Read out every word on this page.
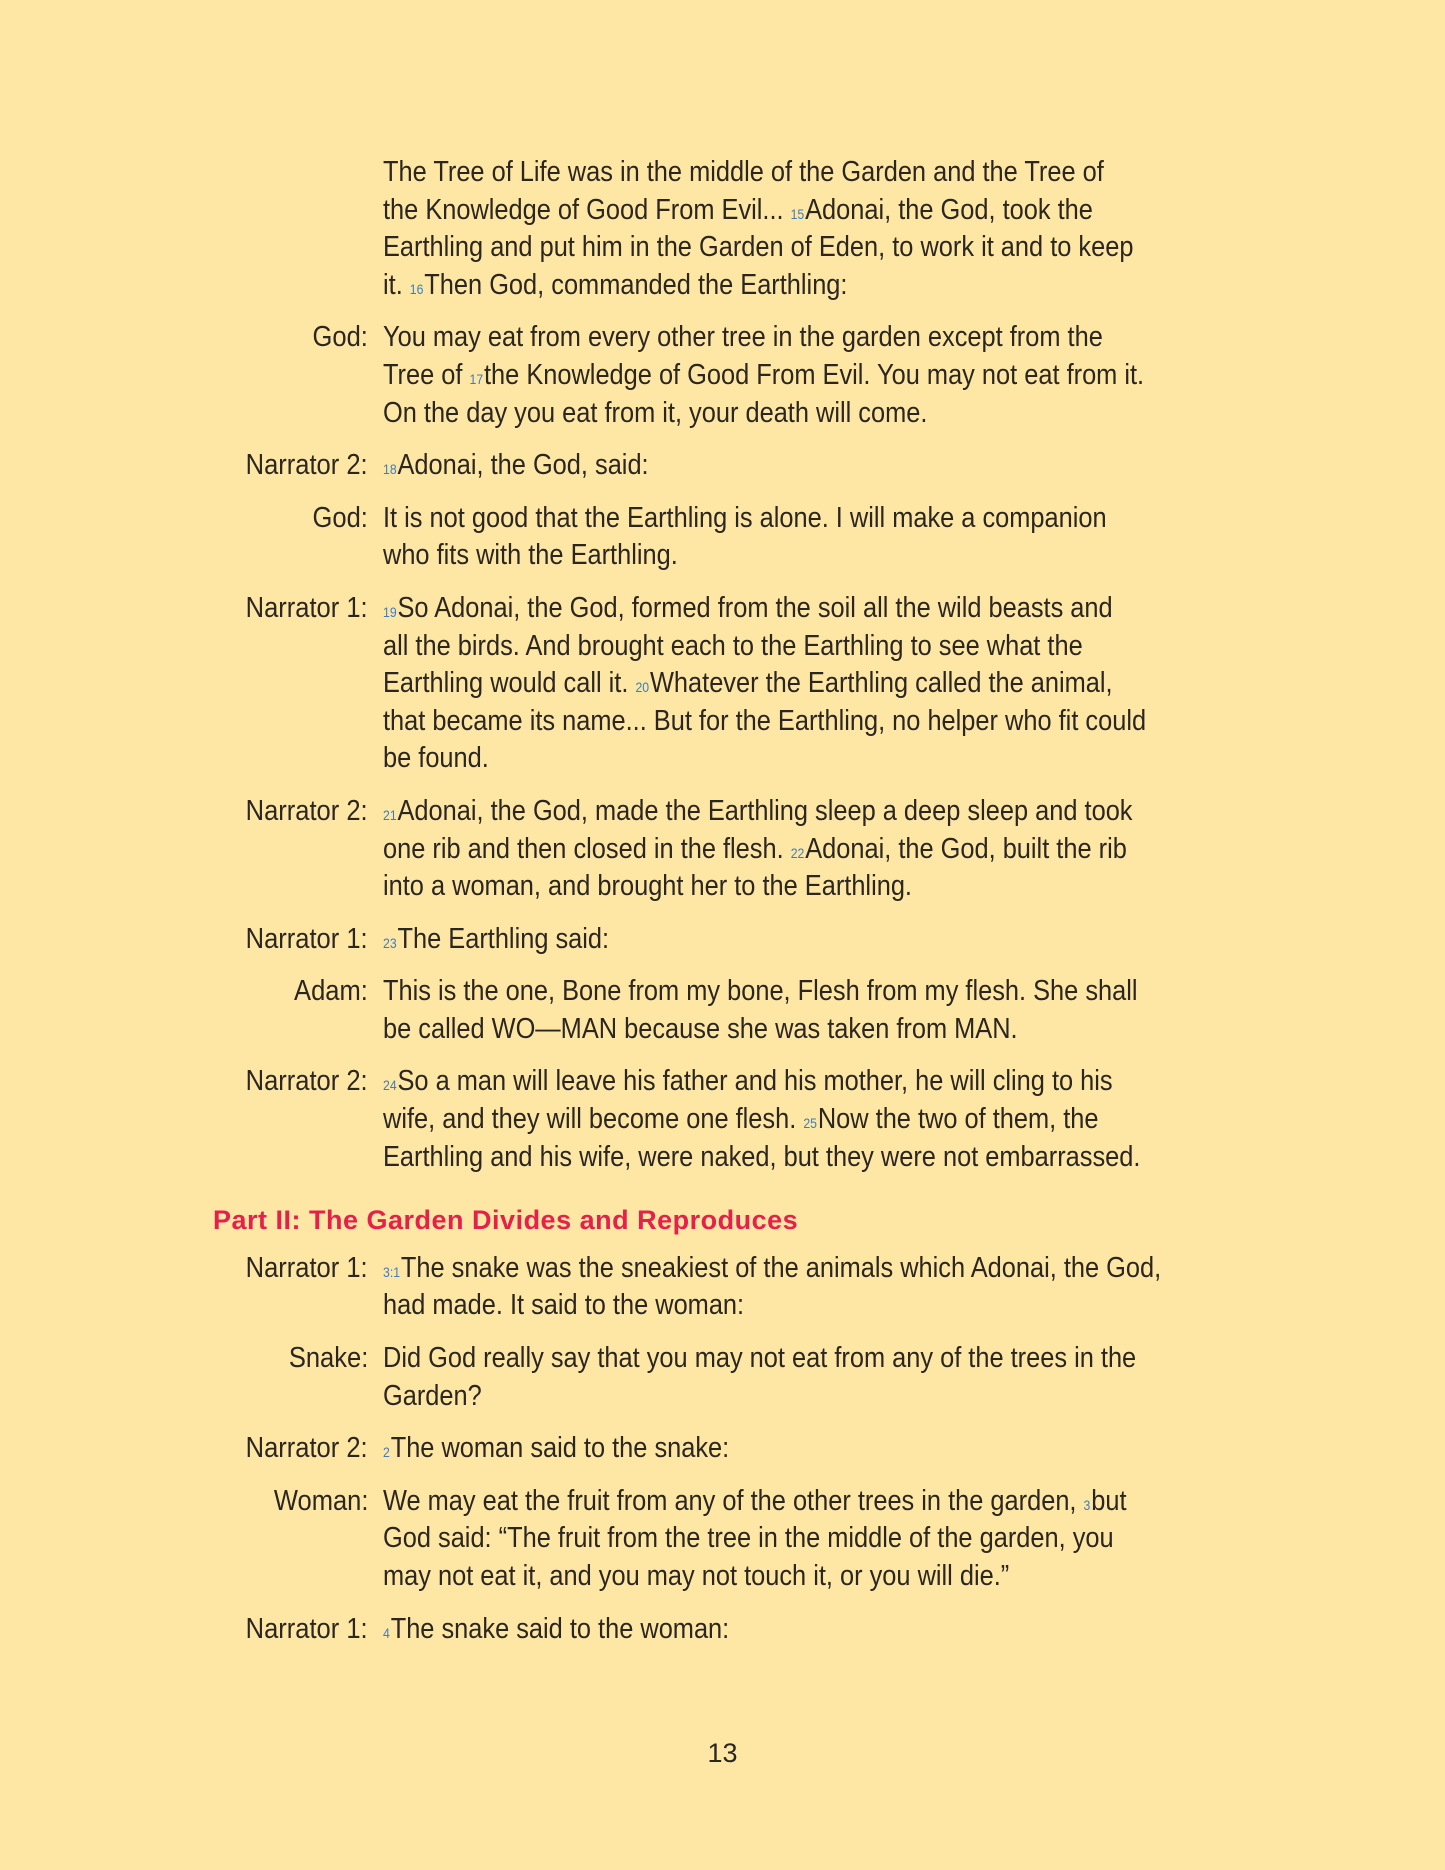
The Tree of Life was in the middle of the Garden and the Tree of
the Knowledge of Good From Evil... $^{15}$Adonai, the God, took the
Earthling and put him in the Garden of Eden, to work it and to keep
it. $^{16}$Then God, commanded the Earthling:
God: You may eat from every other tree in the garden except from the
Tree of $^{17}$the Knowledge of Good From Evil. You may not eat from it.
On the day you eat from it, your death will come.
Narrator 2: $^{18}$Adonai, the God, said:
God: It is not good that the Earthling is alone. I will make a companion
who fits with the Earthling.
Narrator 1: $^{19}$So Adonai, the God, formed from the soil all the wild beasts and
all the birds. And brought each to the Earthling to see what the
Earthling would call it. $^{20}$Whatever the Earthling called the animal,
that became its name... But for the Earthling, no helper who fit could
be found.
Narrator 2: $^{21}$Adonai, the God, made the Earthling sleep a deep sleep and took
one rib and then closed in the flesh. $^{22}$Adonai, the God, built the rib
into a woman, and brought her to the Earthling.
Narrator 1: $^{23}$The Earthling said:
Adam: This is the one, Bone from my bone, Flesh from my flesh. She shall
be called WO—MAN because she was taken from MAN.
Narrator 2: $^{24}$So a man will leave his father and his mother, he will cling to his
wife, and they will become one flesh. $^{25}$Now the two of them, the
Earthling and his wife, were naked, but they were not embarrassed.
Part II: The Garden Divides and Reproduces
Narrator 1: $^{3:1}$The snake was the sneakiest of the animals which Adonai, the God,
had made. It said to the woman:
Snake: Did God really say that you may not eat from any of the trees in the
Garden?
Narrator 2: $^2$The woman said to the snake:
Woman: We may eat the fruit from any of the other trees in the garden, $^3$but
God said: “The fruit from the tree in the middle of the garden, you
may not eat it, and you may not touch it, or you will die.”
Narrator 1: $^4$The snake said to the woman:
13
